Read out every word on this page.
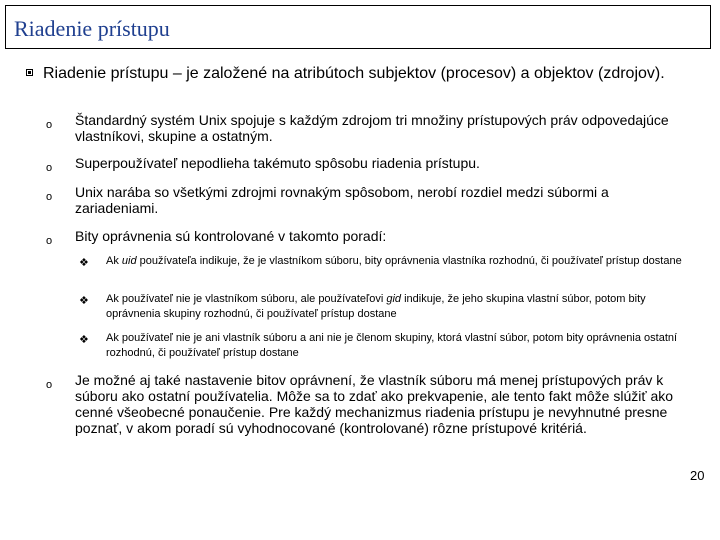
Riadenie prístupu
Riadenie prístupu – je založené na atribútoch subjektov (procesov) a objektov (zdrojov).
o Štandardný systém Unix spojuje s každým zdrojom tri množiny prístupových práv odpovedajúce vlastníkovi, skupine a ostatným.
o Superpoužívateľ nepodlieha takémuto spôsobu riadenia prístupu.
o Unix narába so všetkými zdrojmi rovnakým spôsobom, nerobí rozdiel medzi súbormi a zariadeniami.
o Bity oprávnenia sú kontrolované v takomto poradí:
❖ Ak uid používateľa indikuje, že je vlastníkom súboru, bity oprávnenia vlastníka rozhodnú, či používateľ prístup dostane
❖ Ak používateľ nie je vlastníkom súboru, ale používateľovi gid indikuje, že jeho skupina vlastní súbor, potom bity oprávnenia skupiny rozhodnú, či používateľ prístup dostane
❖ Ak používateľ nie je ani vlastník súboru a ani nie je členom skupiny, ktorá vlastní súbor, potom bity oprávnenia ostatní rozhodnú, či používateľ prístup dostane
o Je možné aj také nastavenie bitov oprávnení, že vlastník súboru má menej prístupových práv k súboru ako ostatní používatelia. Môže sa to zdať ako prekvapenie, ale tento fakt môže slúžiť ako cenné všeobecné ponaučenie. Pre každý mechanizmus riadenia prístupu je nevyhnutné presne poznať, v akom poradí sú vyhodnocované (kontrolované) rôzne prístupové kritériá.
20
